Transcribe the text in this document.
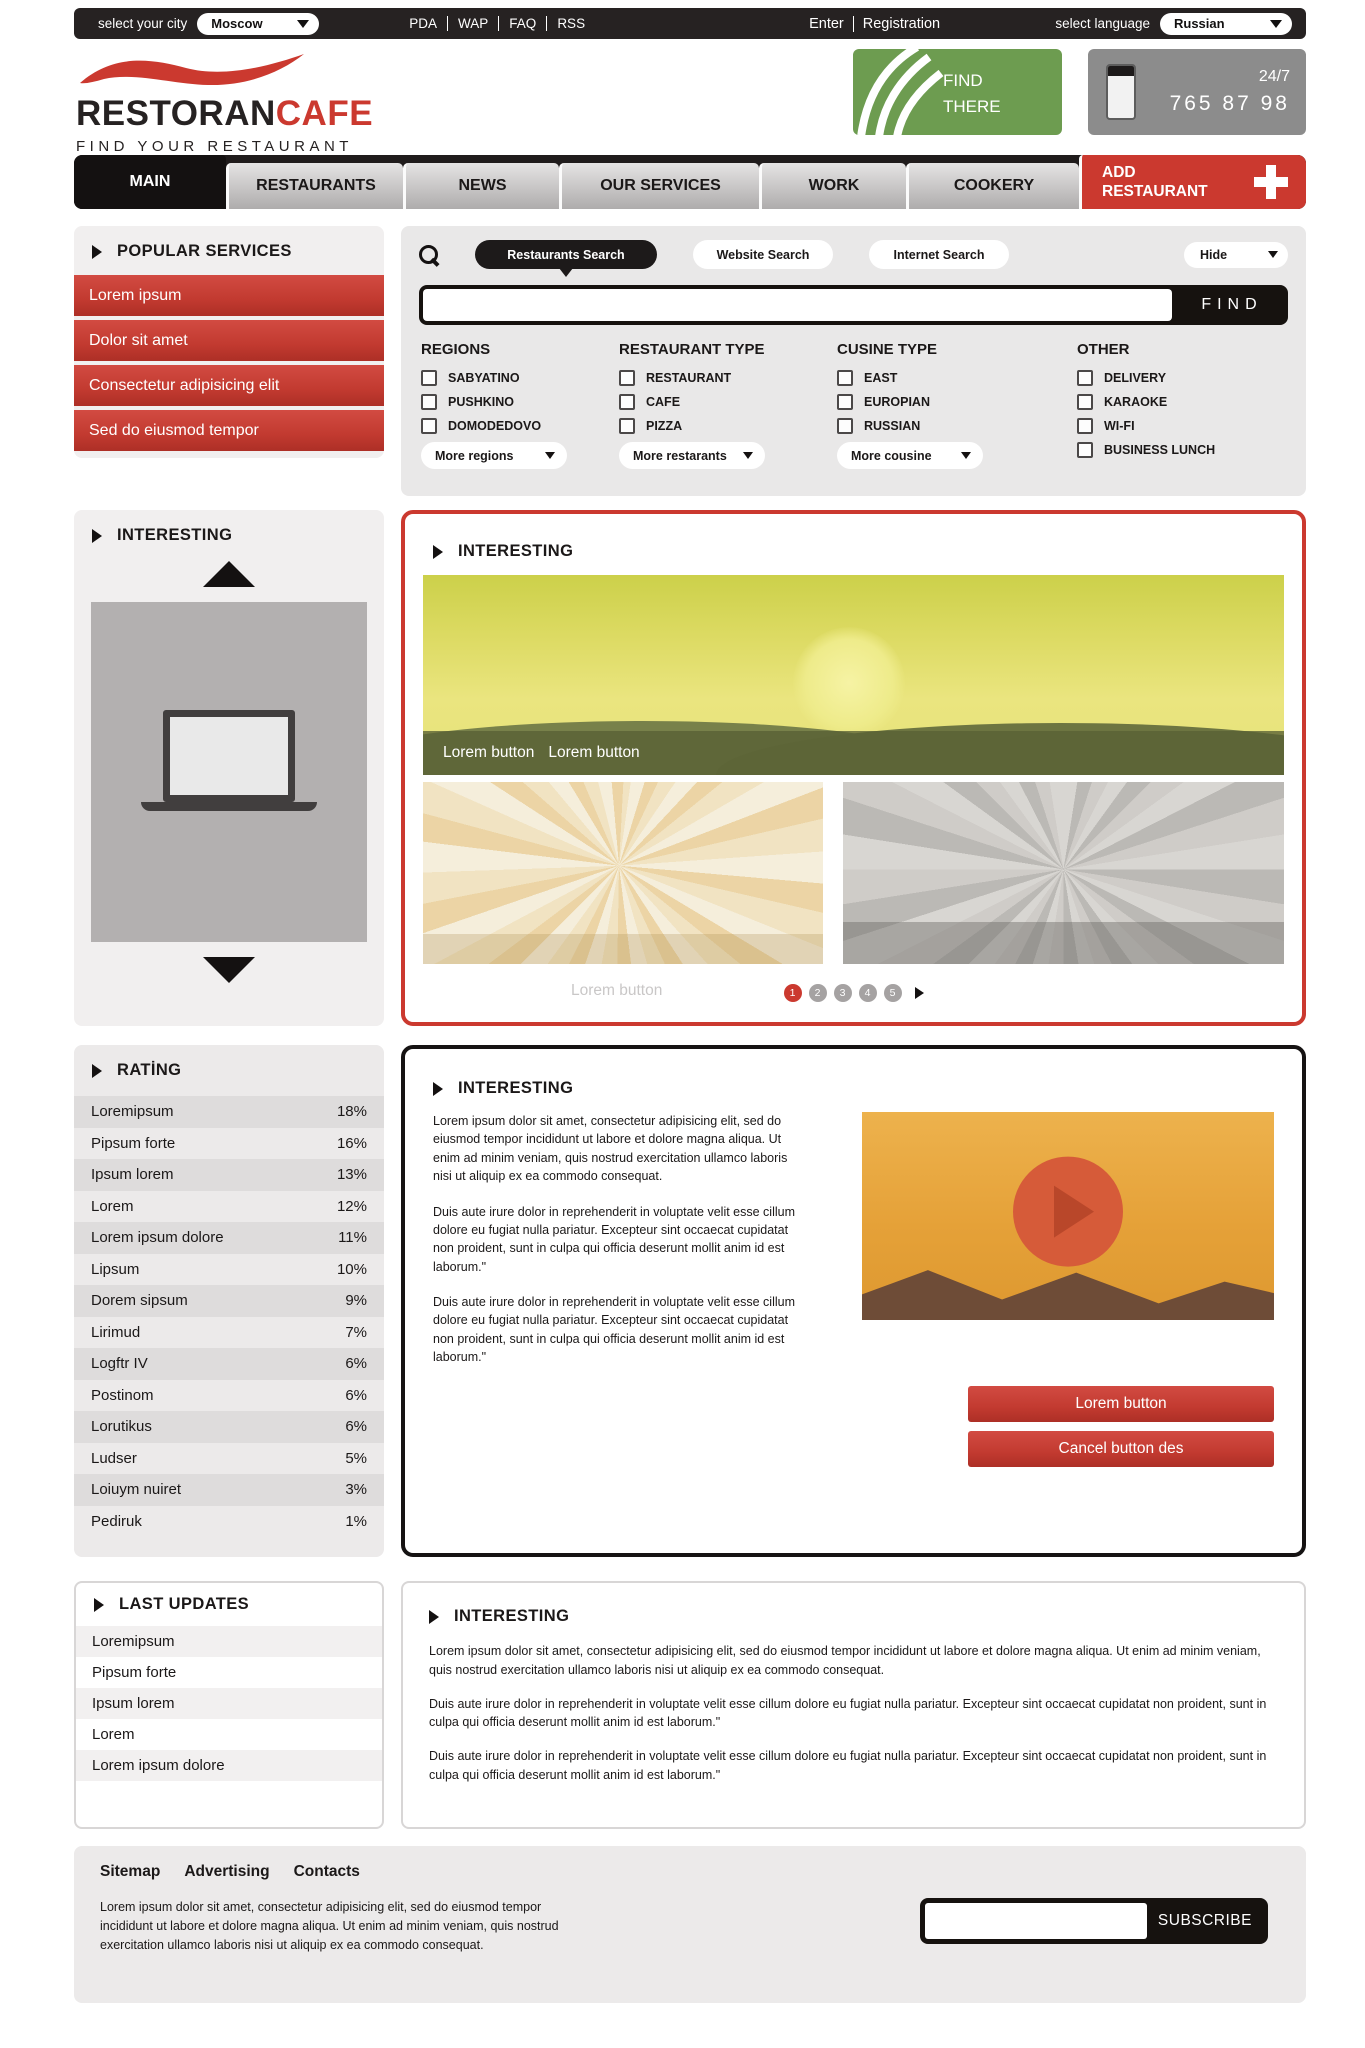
select your city Moscow	PDA	WAP	FAQ	RSS	Enter	Registration	select language Russian
RESTORANCAFE
FIND YOUR RESTAURANT
FIND
THERE
24/7
765 87 98
MAIN	RESTAURANTS	NEWS	OUR SERVICES	WORK	COOKERY
ADD
RESTAURANT
POPULAR SERVICES
Lorem ipsum
Dolor sit amet
Consectetur adipisicing elit
Sed do eiusmod tempor
Restaurants Search	Website Search	Internet Search	Hide
FIND
REGIONS
SABYATINO
PUSHKINO
DOMODEDOVO
More regions
RESTAURANT TYPE
RESTAURANT
CAFE
PIZZA
More restarants
CUSINE TYPE
EAST
EUROPIAN
RUSSIAN
More cousine
OTHER
DELIVERY
KARAOKE
WI-FI
BUSINESS LUNCH
INTERESTING
INTERESTING
Lorem button Lorem button
Lorem button	1	2	3	4	5
RATİNG
Loremipsum	18%
Pipsum forte	16%
Ipsum lorem	13%
Lorem	12%
Lorem ipsum dolore	11%
Lipsum	10%
Dorem sipsum	9%
Lirimud	7%
Logftr IV	6%
Postinom	6%
Lorutikus	6%
Ludser	5%
Loiuym nuiret	3%
Pediruk	1%
INTERESTING

Lorem ipsum dolor sit amet, consectetur adipisicing elit, sed do eiusmod tempor incididunt ut labore et dolore magna aliqua. Ut enim ad minim veniam, quis nostrud exercitation ullamco laboris nisi ut aliquip ex ea commodo consequat.

Duis aute irure dolor in reprehenderit in voluptate velit esse cillum dolore eu fugiat nulla pariatur. Excepteur sint occaecat cupidatat non proident, sunt in culpa qui officia deserunt mollit anim id est laborum."

Duis aute irure dolor in reprehenderit in voluptate velit esse cillum dolore eu fugiat nulla pariatur. Excepteur sint occaecat cupidatat non proident, sunt in culpa qui officia deserunt mollit anim id est laborum."

Lorem button
Cancel button des
LAST UPDATES
Loremipsum
Pipsum forte
Ipsum lorem
Lorem
Lorem ipsum dolore
INTERESTING

Lorem ipsum dolor sit amet, consectetur adipisicing elit, sed do eiusmod tempor incididunt ut labore et dolore magna aliqua. Ut enim ad minim veniam, quis nostrud exercitation ullamco laboris nisi ut aliquip ex ea commodo consequat.

Duis aute irure dolor in reprehenderit in voluptate velit esse cillum dolore eu fugiat nulla pariatur. Excepteur sint occaecat cupidatat non proident, sunt in culpa qui officia deserunt mollit anim id est laborum."

Duis aute irure dolor in reprehenderit in voluptate velit esse cillum dolore eu fugiat nulla pariatur. Excepteur sint occaecat cupidatat non proident, sunt in culpa qui officia deserunt mollit anim id est laborum."

Sitemap Advertising Contacts
Lorem ipsum dolor sit amet, consectetur adipisicing elit, sed do eiusmod tempor incididunt ut labore et dolore magna aliqua. Ut enim ad minim veniam, quis nostrud exercitation ullamco laboris nisi ut aliquip ex ea commodo consequat.
SUBSCRIBE
